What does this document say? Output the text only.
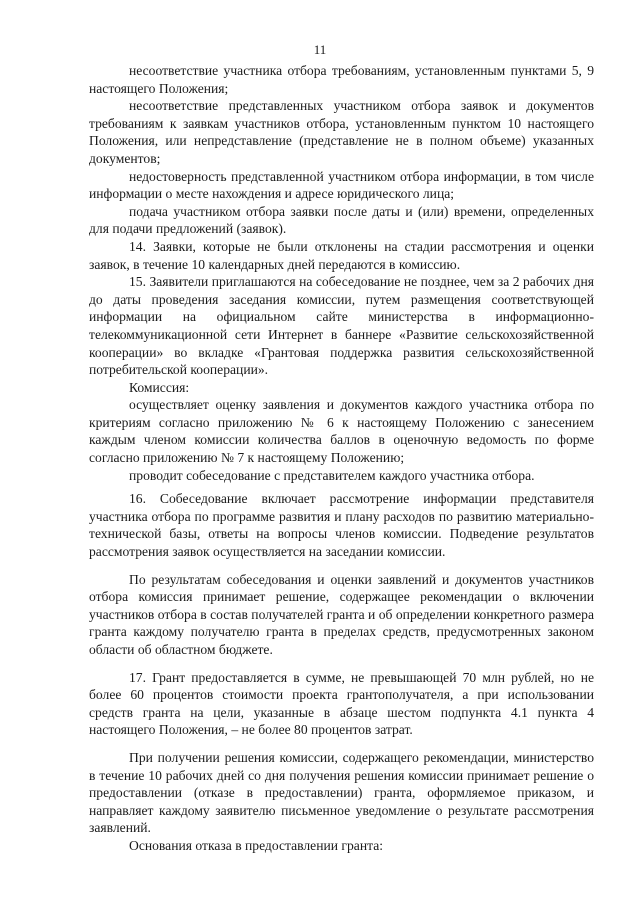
11

несоответствие участника отбора требованиям, установленным пунктами 5, 9 настоящего Положения;

несоответствие представленных участником отбора заявок и документов требованиям к заявкам участников отбора, установленным пунктом 10 настоящего Положения, или непредставление (представление не в полном объеме) указанных документов;

недостоверность представленной участником отбора информации, в том числе информации о месте нахождения и адресе юридического лица;

подача участником отбора заявки после даты и (или) времени, определенных для подачи предложений (заявок).

14. Заявки, которые не были отклонены на стадии рассмотрения и оценки заявок, в течение 10 календарных дней передаются в комиссию.

15. Заявители приглашаются на собеседование не позднее, чем за 2 рабочих дня до даты проведения заседания комиссии, путем размещения соответствующей информации на официальном сайте министерства в информационно-телекоммуникационной сети Интернет в баннере «Развитие сельскохозяйственной кооперации» во вкладке «Грантовая поддержка развития сельскохозяйственной потребительской кооперации».

Комиссия:

осуществляет оценку заявления и документов каждого участника отбора по критериям согласно приложению № 6 к настоящему Положению с занесением каждым членом комиссии количества баллов в оценочную ведомость по форме согласно приложению № 7 к настоящему Положению;

проводит собеседование с представителем каждого участника отбора.

16. Собеседование включает рассмотрение информации представителя участника отбора по программе развития и плану расходов по развитию материально-технической базы, ответы на вопросы членов комиссии. Подведение результатов рассмотрения заявок осуществляется на заседании комиссии.

По результатам собеседования и оценки заявлений и документов участников отбора комиссия принимает решение, содержащее рекомендации о включении участников отбора в состав получателей гранта и об определении конкретного размера гранта каждому получателю гранта в пределах средств, предусмотренных законом области об областном бюджете.

17. Грант предоставляется в сумме, не превышающей 70 млн рублей, но не более 60 процентов стоимости проекта грантополучателя, а при использовании средств гранта на цели, указанные в абзаце шестом подпункта 4.1 пункта 4 настоящего Положения, – не более 80 процентов затрат.

При получении решения комиссии, содержащего рекомендации, министерство в течение 10 рабочих дней со дня получения решения комиссии принимает решение о предоставлении (отказе в предоставлении) гранта, оформляемое приказом, и направляет каждому заявителю письменное уведомление о результате рассмотрения заявлений.

Основания отказа в предоставлении гранта:
